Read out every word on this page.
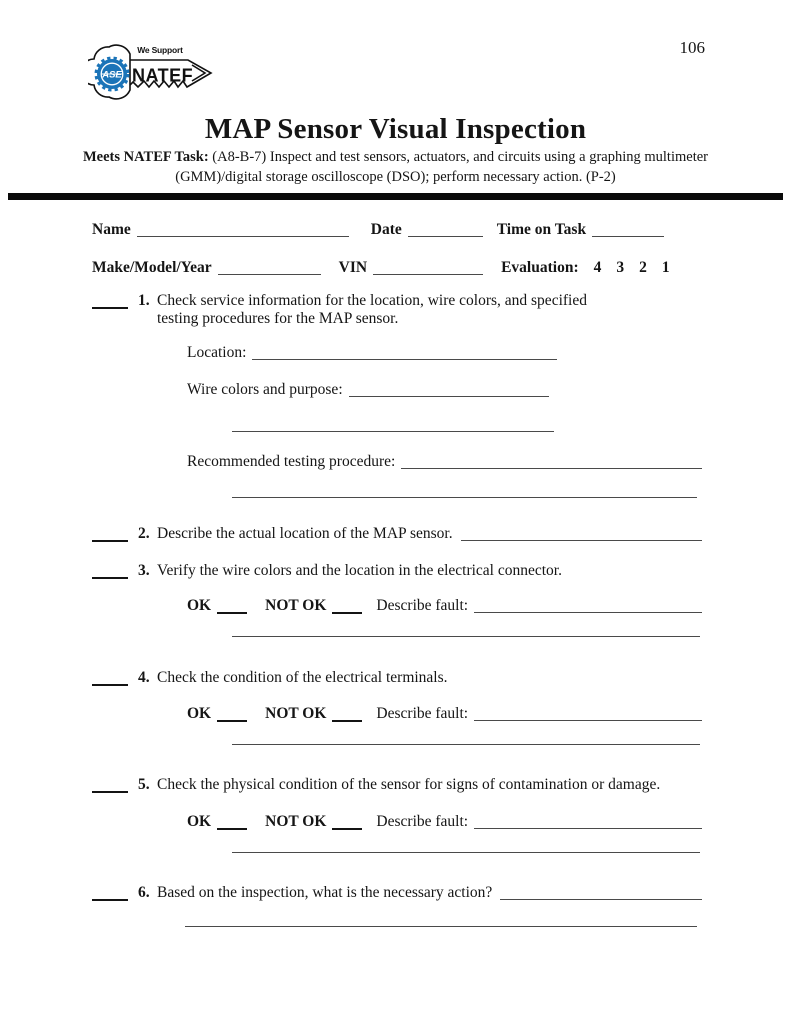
106
ASE
We Support
NATEF
MAP Sensor Visual Inspection

Meets NATEF Task: (A8-B-7) Inspect and test sensors, actuators, and circuits using a graphing multimeter (GMM)/digital storage oscilloscope (DSO); perform necessary action. (P-2)

Name	Date	Time on Task
Make/Model/Year	VIN	Evaluation: 4 3 2 1
1. Check service information for the location, wire colors, and specified testing procedures for the MAP sensor.
Location:
Wire colors and purpose:
Recommended testing procedure:
2. Describe the actual location of the MAP sensor.
3. Verify the wire colors and the location in the electrical connector.
OK	NOT OK	Describe fault:
4. Check the condition of the electrical terminals.
OK	NOT OK	Describe fault:
5. Check the physical condition of the sensor for signs of contamination or damage.
OK	NOT OK	Describe fault:
6. Based on the inspection, what is the necessary action?
